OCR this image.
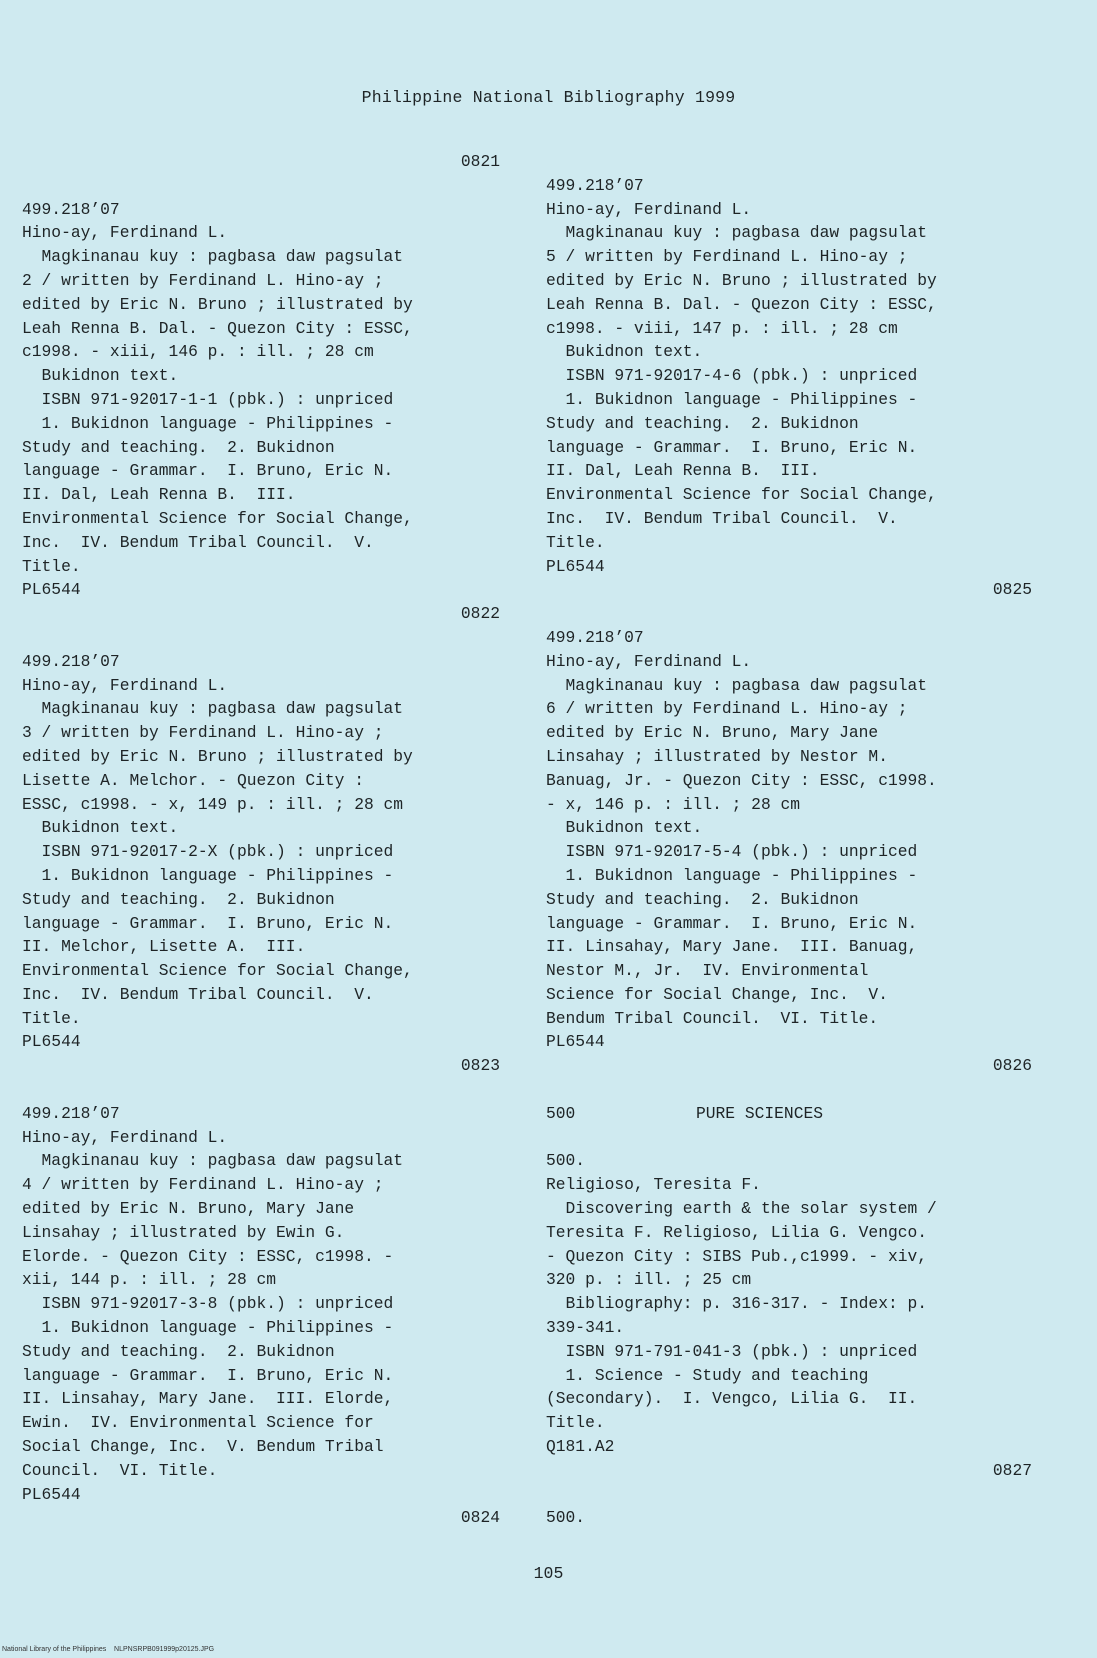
Philippine National Bibliography 1999
0821
499.218’07
Hino-ay, Ferdinand L.
Magkinanau kuy : pagbasa daw pagsulat
2 / written by Ferdinand L. Hino-ay ;
edited by Eric N. Bruno ; illustrated by
Leah Renna B. Dal. - Quezon City : ESSC,
c1998. - xiii, 146 p. : ill. ; 28 cm
Bukidnon text.
ISBN 971-92017-1-1 (pbk.) : unpriced
1. Bukidnon language - Philippines -
Study and teaching.  2. Bukidnon
language - Grammar.  I. Bruno, Eric N.
II. Dal, Leah Renna B.  III.
Environmental Science for Social Change,
Inc.  IV. Bendum Tribal Council.  V.
Title.
PL6544
0822
499.218’07
Hino-ay, Ferdinand L.
Magkinanau kuy : pagbasa daw pagsulat
3 / written by Ferdinand L. Hino-ay ;
edited by Eric N. Bruno ; illustrated by
Lisette A. Melchor. - Quezon City :
ESSC, c1998. - x, 149 p. : ill. ; 28 cm
Bukidnon text.
ISBN 971-92017-2-X (pbk.) : unpriced
1. Bukidnon language - Philippines -
Study and teaching.  2. Bukidnon
language - Grammar.  I. Bruno, Eric N.
II. Melchor, Lisette A.  III.
Environmental Science for Social Change,
Inc.  IV. Bendum Tribal Council.  V.
Title.
PL6544
0823
499.218’07
Hino-ay, Ferdinand L.
Magkinanau kuy : pagbasa daw pagsulat
4 / written by Ferdinand L. Hino-ay ;
edited by Eric N. Bruno, Mary Jane
Linsahay ; illustrated by Ewin G.
Elorde. - Quezon City : ESSC, c1998. -
xii, 144 p. : ill. ; 28 cm
ISBN 971-92017-3-8 (pbk.) : unpriced
1. Bukidnon language - Philippines -
Study and teaching.  2. Bukidnon
language - Grammar.  I. Bruno, Eric N.
II. Linsahay, Mary Jane.  III. Elorde,
Ewin.  IV. Environmental Science for
Social Change, Inc.  V. Bendum Tribal
Council.  VI. Title.
PL6544
0824
499.218’07
Hino-ay, Ferdinand L.
Magkinanau kuy : pagbasa daw pagsulat
5 / written by Ferdinand L. Hino-ay ;
edited by Eric N. Bruno ; illustrated by
Leah Renna B. Dal. - Quezon City : ESSC,
c1998. - viii, 147 p. : ill. ; 28 cm
Bukidnon text.
ISBN 971-92017-4-6 (pbk.) : unpriced
1. Bukidnon language - Philippines -
Study and teaching.  2. Bukidnon
language - Grammar.  I. Bruno, Eric N.
II. Dal, Leah Renna B.  III.
Environmental Science for Social Change,
Inc.  IV. Bendum Tribal Council.  V.
Title.
PL6544
0825
499.218’07
Hino-ay, Ferdinand L.
Magkinanau kuy : pagbasa daw pagsulat
6 / written by Ferdinand L. Hino-ay ;
edited by Eric N. Bruno, Mary Jane
Linsahay ; illustrated by Nestor M.
Banuag, Jr. - Quezon City : ESSC, c1998.
- x, 146 p. : ill. ; 28 cm
Bukidnon text.
ISBN 971-92017-5-4 (pbk.) : unpriced
1. Bukidnon language - Philippines -
Study and teaching.  2. Bukidnon
language - Grammar.  I. Bruno, Eric N.
II. Linsahay, Mary Jane.  III. Banuag,
Nestor M., Jr.  IV. Environmental
Science for Social Change, Inc.  V.
Bendum Tribal Council.  VI. Title.
PL6544
0826
500	PURE SCIENCES
500.
Religioso, Teresita F.
Discovering earth & the solar system /
Teresita F. Religioso, Lilia G. Vengco.
- Quezon City : SIBS Pub.,c1999. - xiv,
320 p. : ill. ; 25 cm
Bibliography: p. 316-317. - Index: p.
339-341.
ISBN 971-791-041-3 (pbk.) : unpriced
1. Science - Study and teaching
(Secondary).  I. Vengco, Lilia G.  II.
Title.
Q181.A2
0827
500.
105
National Library of the Philippines    NLPNSRPB091999p20125.JPG
